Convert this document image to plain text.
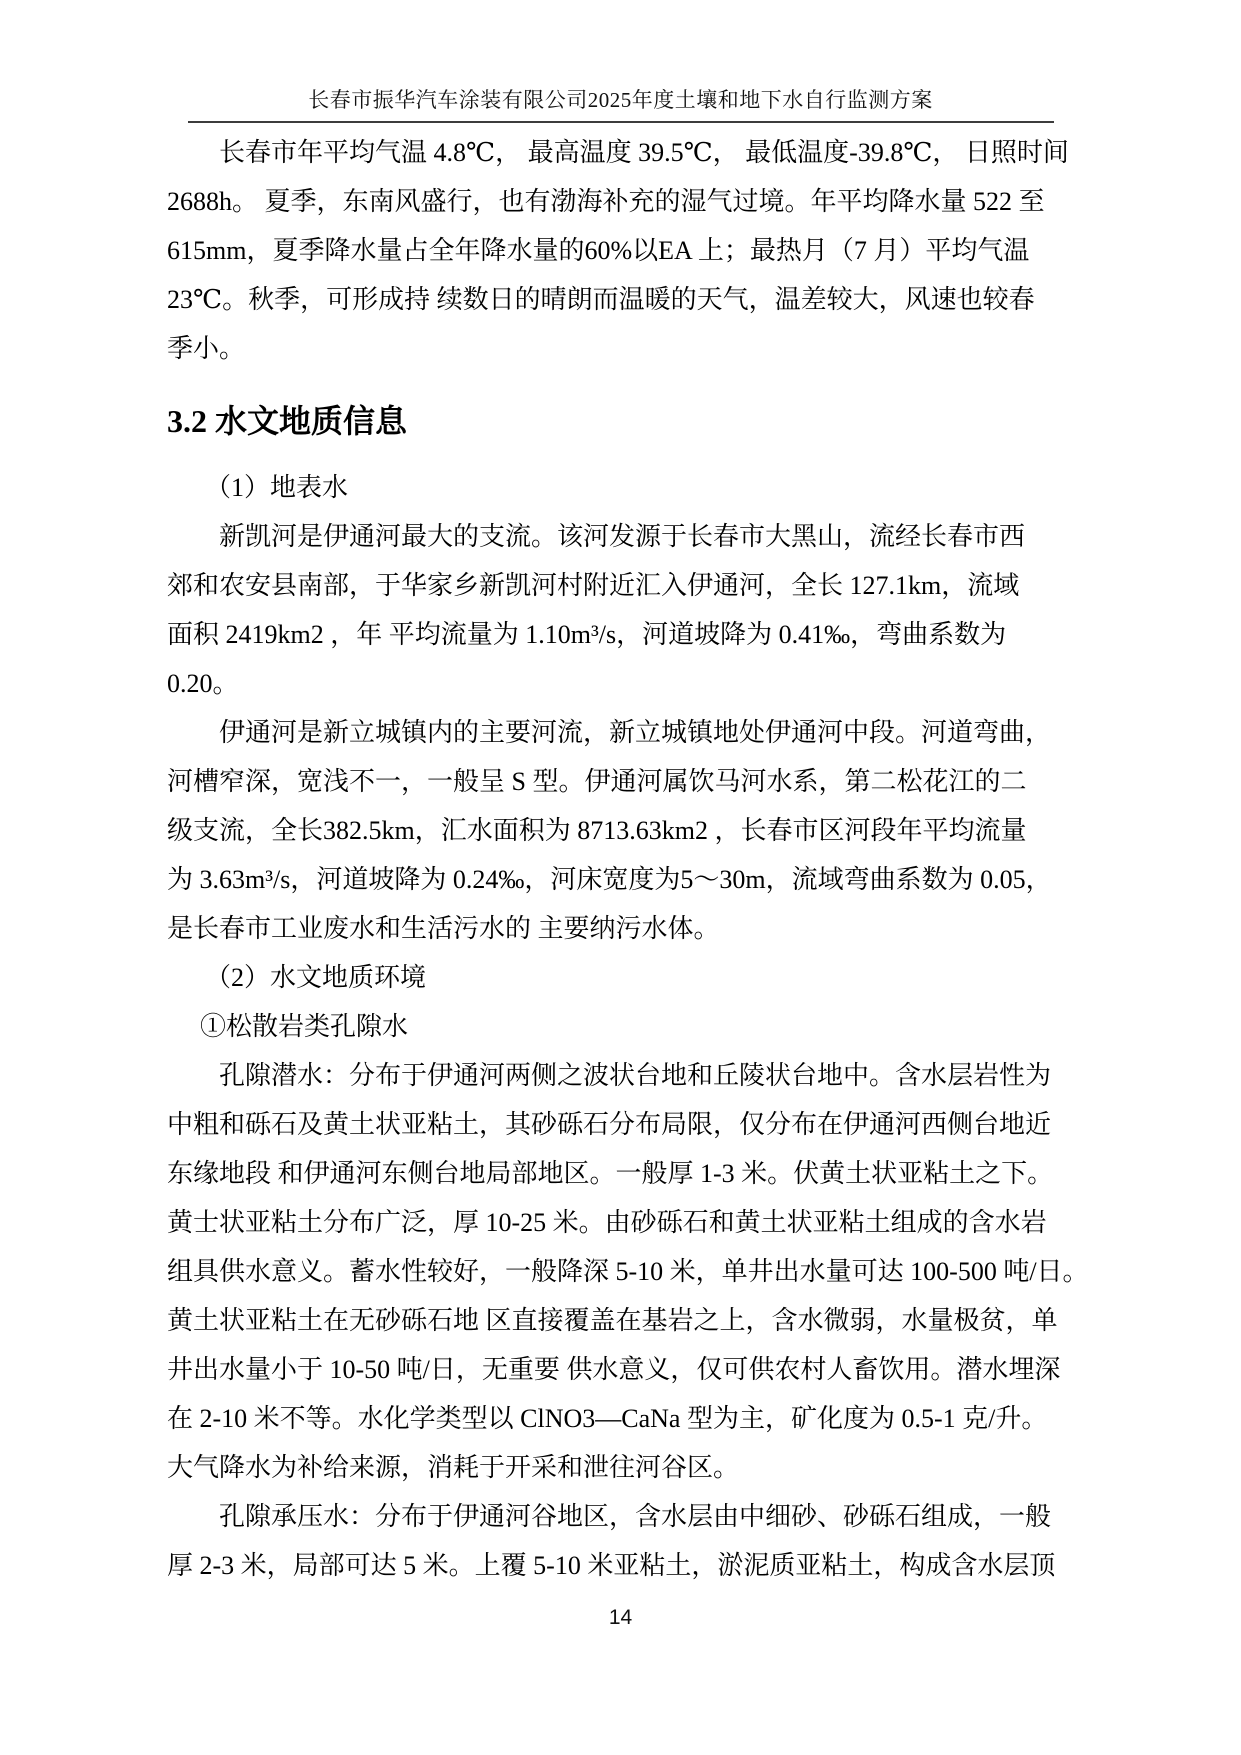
长春市振华汽车涂装有限公司2025年度土壤和地下水自行监测方案
长春市年平均气温 4.8℃， 最高温度 39.5℃， 最低温度-39.8℃， 日照时间
2688h。 夏季，东南风盛行，也有渤海补充的湿气过境。年平均降水量 522 至
615mm，夏季降水量占全年降水量的60%以EA 上；最热月（7 月）平均气温
23℃。秋季，可形成持 续数日的晴朗而温暖的天气，温差较大，风速也较春
季小。
3.2 水文地质信息
（1）地表水
新凯河是伊通河最大的支流。该河发源于长春市大黑山，流经长春市西
郊和农安县南部，于华家乡新凯河村附近汇入伊通河，全长 127.1km，流域
面积 2419km2 ，年 平均流量为 1.10m³/s，河道坡降为 0.41‰，弯曲系数为
0.20。
伊通河是新立城镇内的主要河流，新立城镇地处伊通河中段。河道弯曲，
河槽窄深，宽浅不一，一般呈 S 型。伊通河属饮马河水系，第二松花江的二
级支流，全长382.5km，汇水面积为 8713.63km2 ，长春市区河段年平均流量
为 3.63m³/s，河道坡降为 0.24‰，河床宽度为5～30m，流域弯曲系数为 0.05，
是长春市工业废水和生活污水的 主要纳污水体。
（2）水文地质环境
①松散岩类孔隙水
孔隙潜水：分布于伊通河两侧之波状台地和丘陵状台地中。含水层岩性为
中粗和砾石及黄土状亚粘土，其砂砾石分布局限，仅分布在伊通河西侧台地近
东缘地段 和伊通河东侧台地局部地区。一般厚 1-3 米。伏黄土状亚粘土之下。
黄士状亚粘土分布广泛，厚 10-25 米。由砂砾石和黄土状亚粘土组成的含水岩
组具供水意义。蓄水性较好，一般降深 5-10 米，单井出水量可达 100-500 吨/日。
黄土状亚粘土在无砂砾石地 区直接覆盖在基岩之上，含水微弱，水量极贫，单
井出水量小于 10-50 吨/日，无重要 供水意义，仅可供农村人畜饮用。潜水埋深
在 2-10 米不等。水化学类型以 ClNO3—CaNa 型为主，矿化度为 0.5-1 克/升。
大气降水为补给来源，消耗于开采和泄往河谷区。
孔隙承压水：分布于伊通河谷地区，含水层由中细砂、砂砾石组成，一般
厚 2-3 米，局部可达 5 米。上覆 5-10 米亚粘土，淤泥质亚粘土，构成含水层顶
14
